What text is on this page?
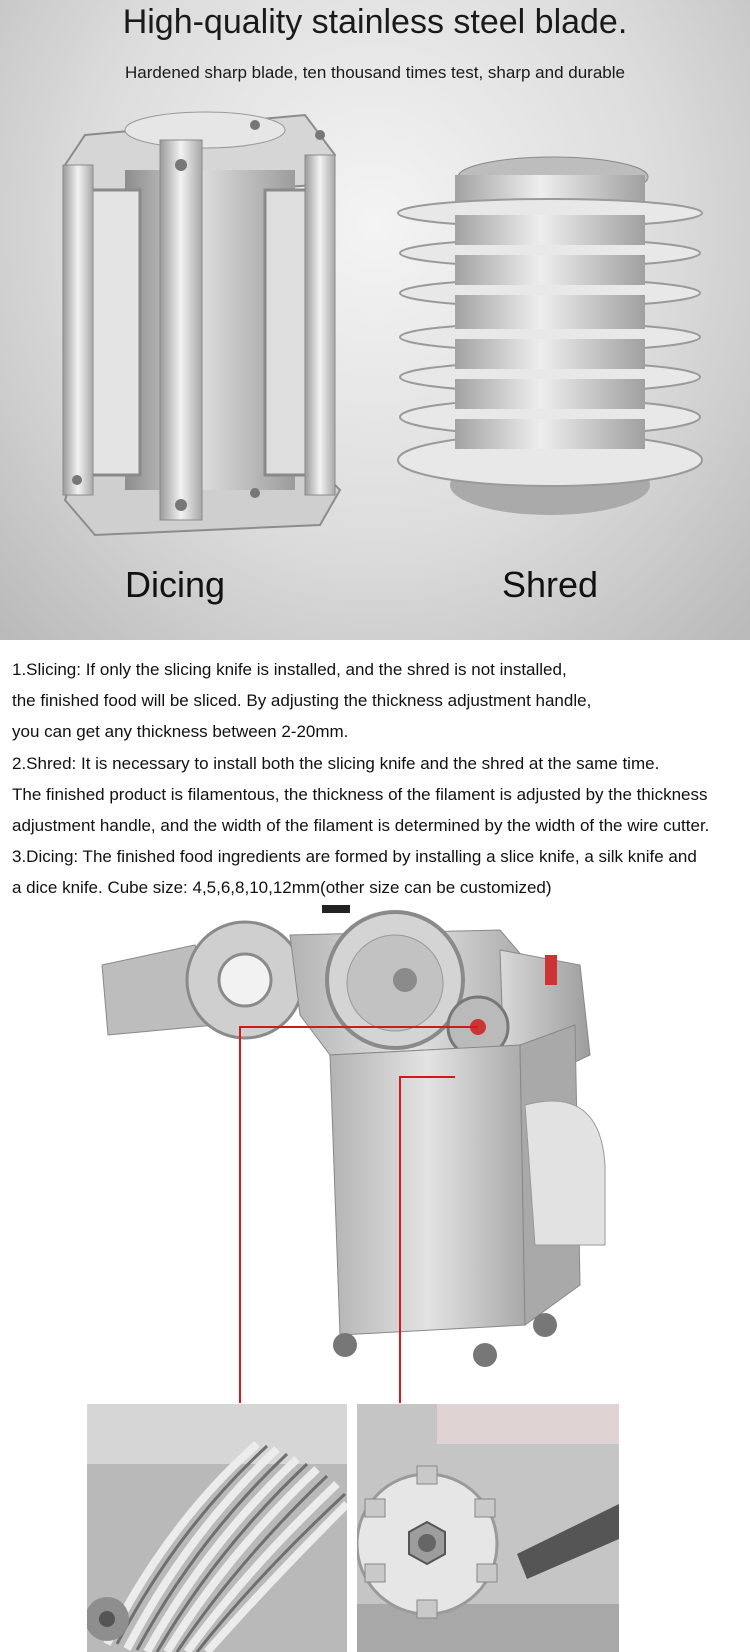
High-quality stainless steel blade.

Hardened sharp blade, ten thousand times test, sharp and durable

Dicing	Shred

1.Slicing: If only the slicing knife is installed, and the shred is not installed,

the finished food will be sliced. By adjusting the thickness adjustment handle,

you can get any thickness between 2-20mm.

2.Shred: It is necessary to install both the slicing knife and the shred at the same time.

The finished product is filamentous, the thickness of the filament is adjusted by the thickness

adjustment handle, and the width of the filament is determined by the width of the wire cutter.

3.Dicing: The finished food ingredients are formed by installing a slice knife, a silk knife and

a dice knife. Cube size: 4,5,6,8,10,12mm(other size can be customized)
